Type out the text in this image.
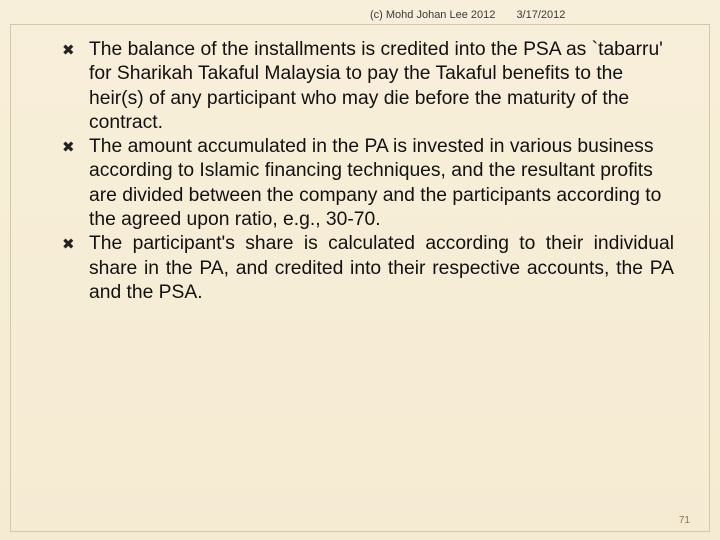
(c) Mohd Johan Lee 2012 3/17/2012
✖ The balance of the installments is credited into the PSA as `tabarru' for Sharikah Takaful Malaysia to pay the Takaful benefits to the heir(s) of any participant who may die before the maturity of the contract.
✖ The amount accumulated in the PA is invested in various business according to Islamic financing techniques, and the resultant profits are divided between the company and the participants according to the agreed upon ratio, e.g., 30-70.
✖ The participant's share is calculated according to their individual share in the PA, and credited into their respective accounts, the PA and the PSA.
71
